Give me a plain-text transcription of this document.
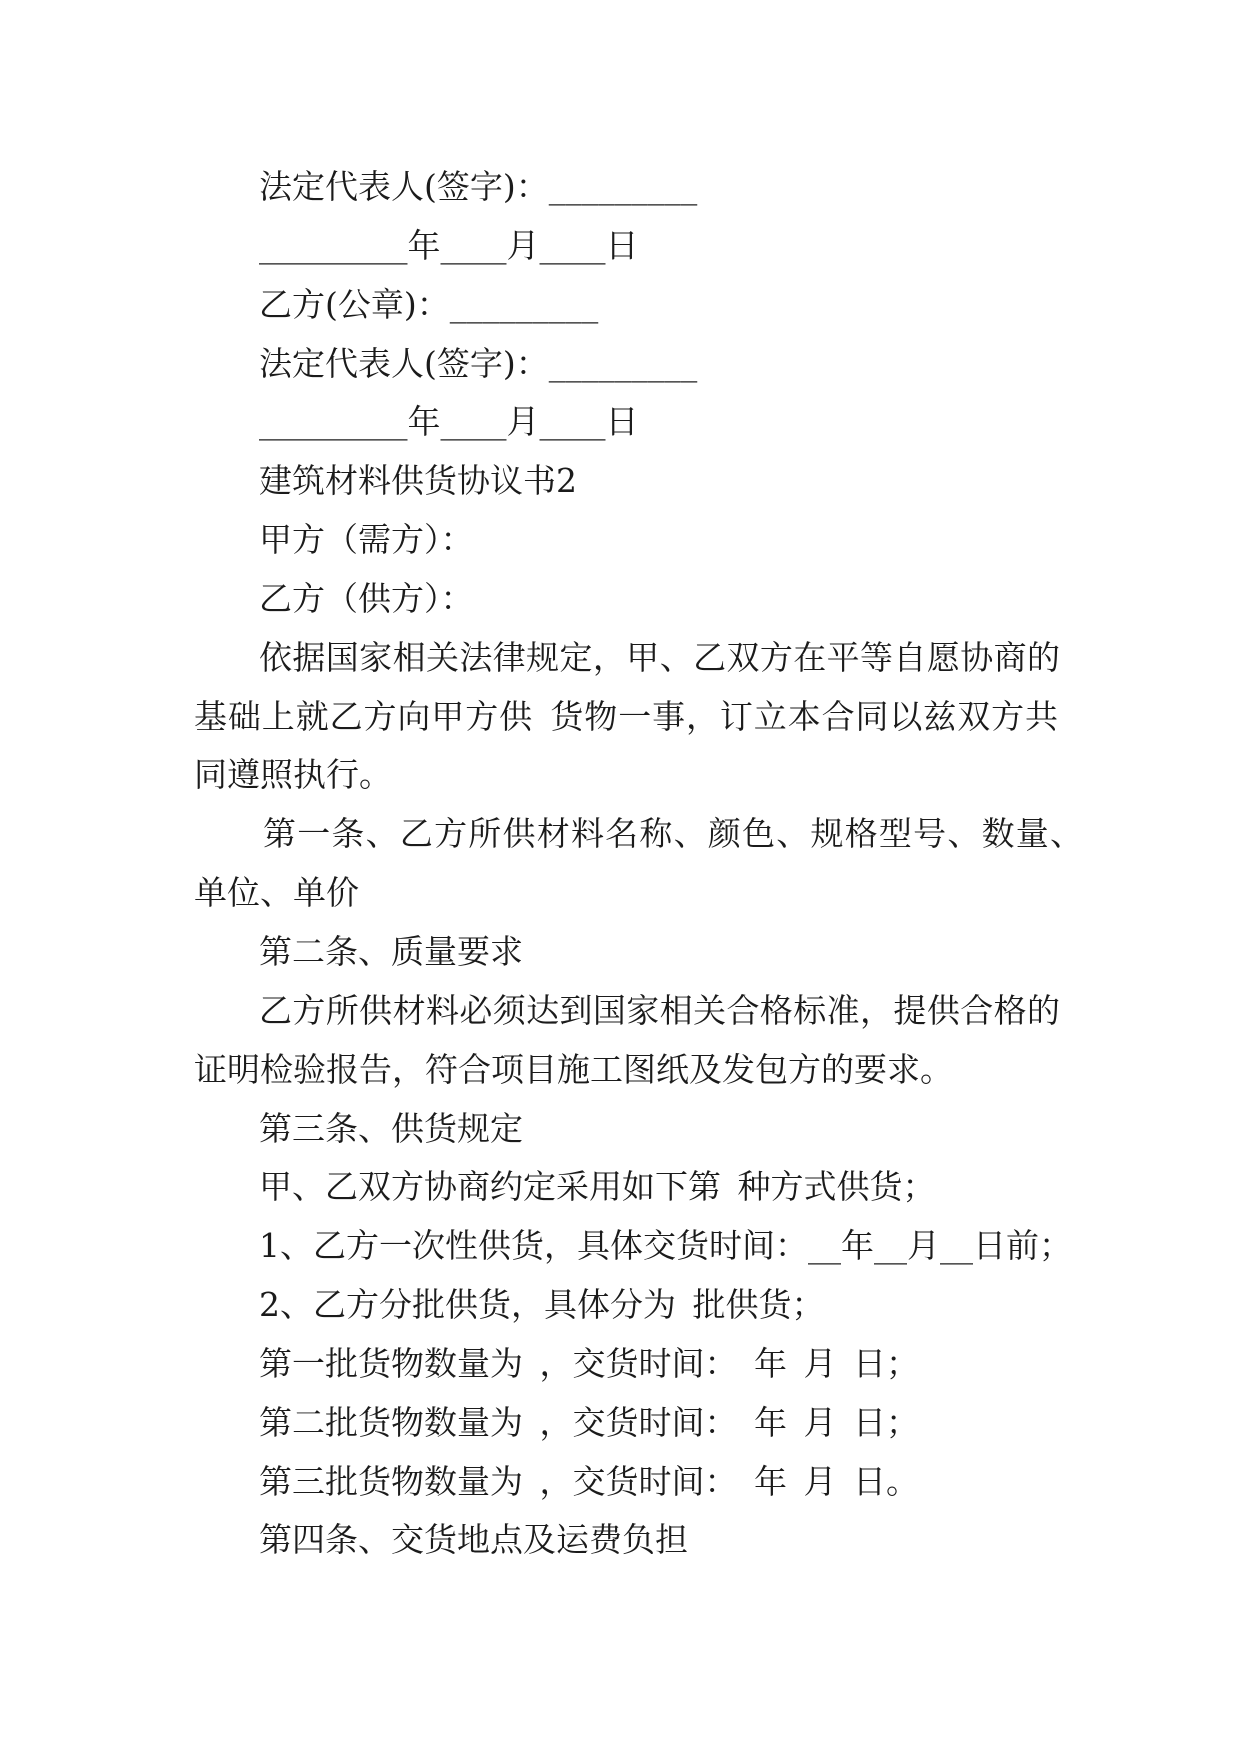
法定代表人(签字)：_________
_________年____月____日
乙方(公章)：_________
法定代表人(签字)：_________
_________年____月____日
建筑材料供货协议书2
甲方（需方）：
乙方（供方）：
依据国家相关法律规定，甲、乙双方在平等自愿协商的
基础上就乙方向甲方供 货物一事，订立本合同以兹双方共
同遵照执行。
第一条、乙方所供材料名称、颜色、规格型号、数量、
单位、单价
第二条、质量要求
乙方所供材料必须达到国家相关合格标准，提供合格的
证明检验报告，符合项目施工图纸及发包方的要求。
第三条、供货规定
甲、乙双方协商约定采用如下第 种方式供货；
1、乙方一次性供货，具体交货时间：__年__月__日前；
2、乙方分批供货，具体分为 批供货；
第一批货物数量为 ，交货时间： 年 月 日；
第二批货物数量为 ，交货时间： 年 月 日；
第三批货物数量为 ，交货时间： 年 月 日。
第四条、交货地点及运费负担
